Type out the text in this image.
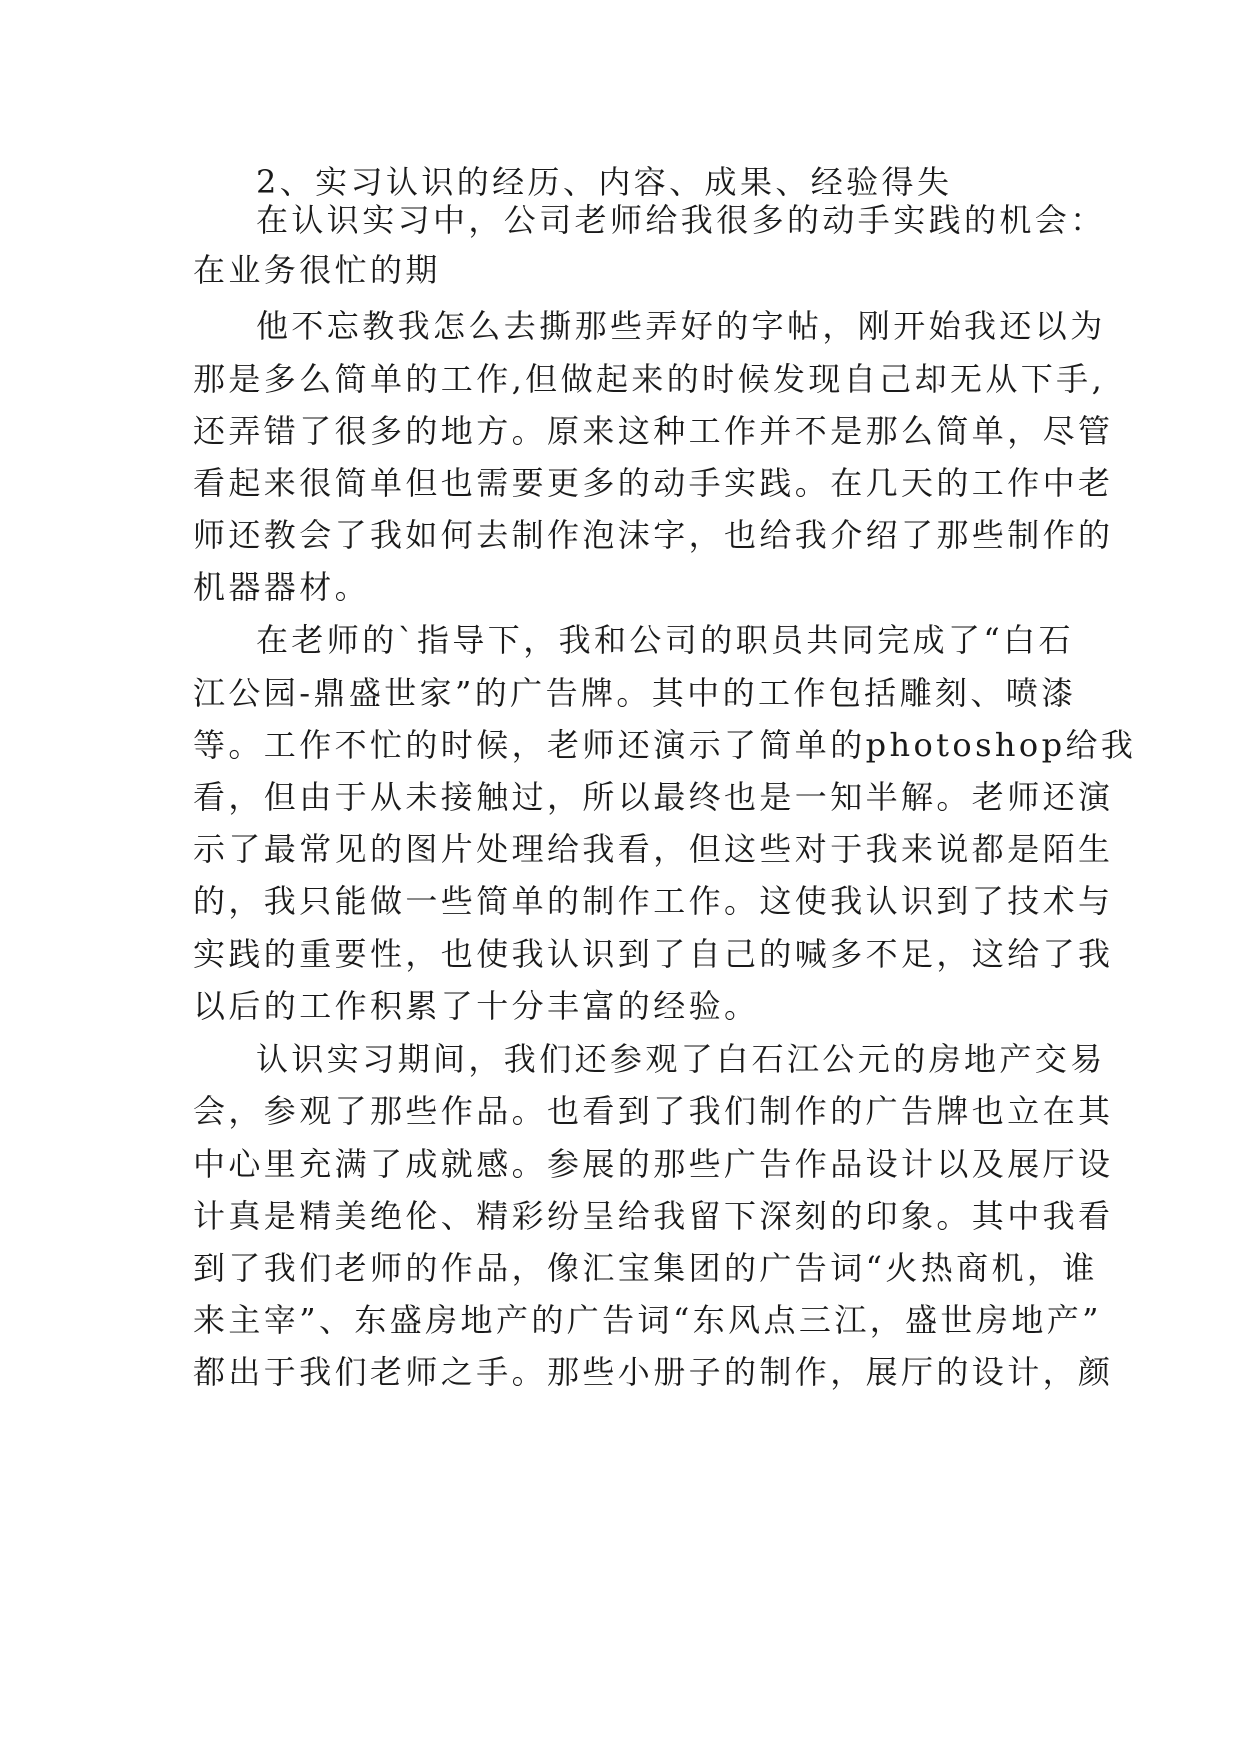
2、实习认识的经历、内容、成果、经验得失
在认识实习中，公司老师给我很多的动手实践的机会：
在业务很忙的期
他不忘教我怎么去撕那些弄好的字帖，刚开始我还以为
那是多么简单的工作,但做起来的时候发现自己却无从下手,
还弄错了很多的地方。原来这种工作并不是那么简单，尽管
看起来很简单但也需要更多的动手实践。在几天的工作中老
师还教会了我如何去制作泡沫字，也给我介绍了那些制作的
机器器材。
在老师的`指导下，我和公司的职员共同完成了“白石
江公园-鼎盛世家”的广告牌。其中的工作包括雕刻、喷漆
等。工作不忙的时候，老师还演示了简单的photoshop给我
看，但由于从未接触过，所以最终也是一知半解。老师还演
示了最常见的图片处理给我看，但这些对于我来说都是陌生
的，我只能做一些简单的制作工作。这使我认识到了技术与
实践的重要性，也使我认识到了自己的喊多不足，这给了我
以后的工作积累了十分丰富的经验。
认识实习期间，我们还参观了白石江公元的房地产交易
会，参观了那些作品。也看到了我们制作的广告牌也立在其
中心里充满了成就感。参展的那些广告作品设计以及展厅设
计真是精美绝伦、精彩纷呈给我留下深刻的印象。其中我看
到了我们老师的作品，像汇宝集团的广告词“火热商机，谁
来主宰”、东盛房地产的广告词“东风点三江，盛世房地产”
都出于我们老师之手。那些小册子的制作，展厅的设计，颜
